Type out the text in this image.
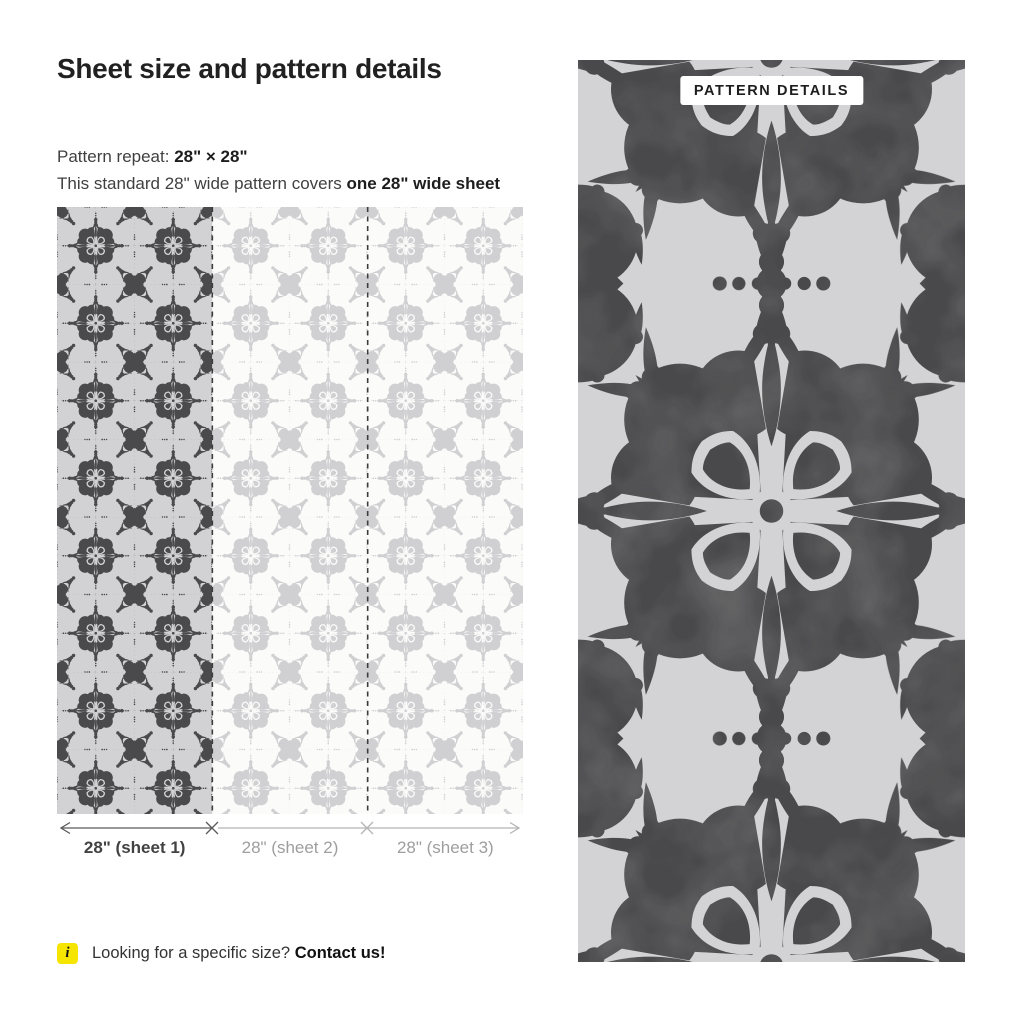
Sheet size and pattern details

Pattern repeat: 28" × 28"

This standard 28" wide pattern covers one 28" wide sheet

28" (sheet 1)	28" (sheet 2)	28" (sheet 3)
i	Looking for a specific size? Contact us!
PATTERN DETAILS
